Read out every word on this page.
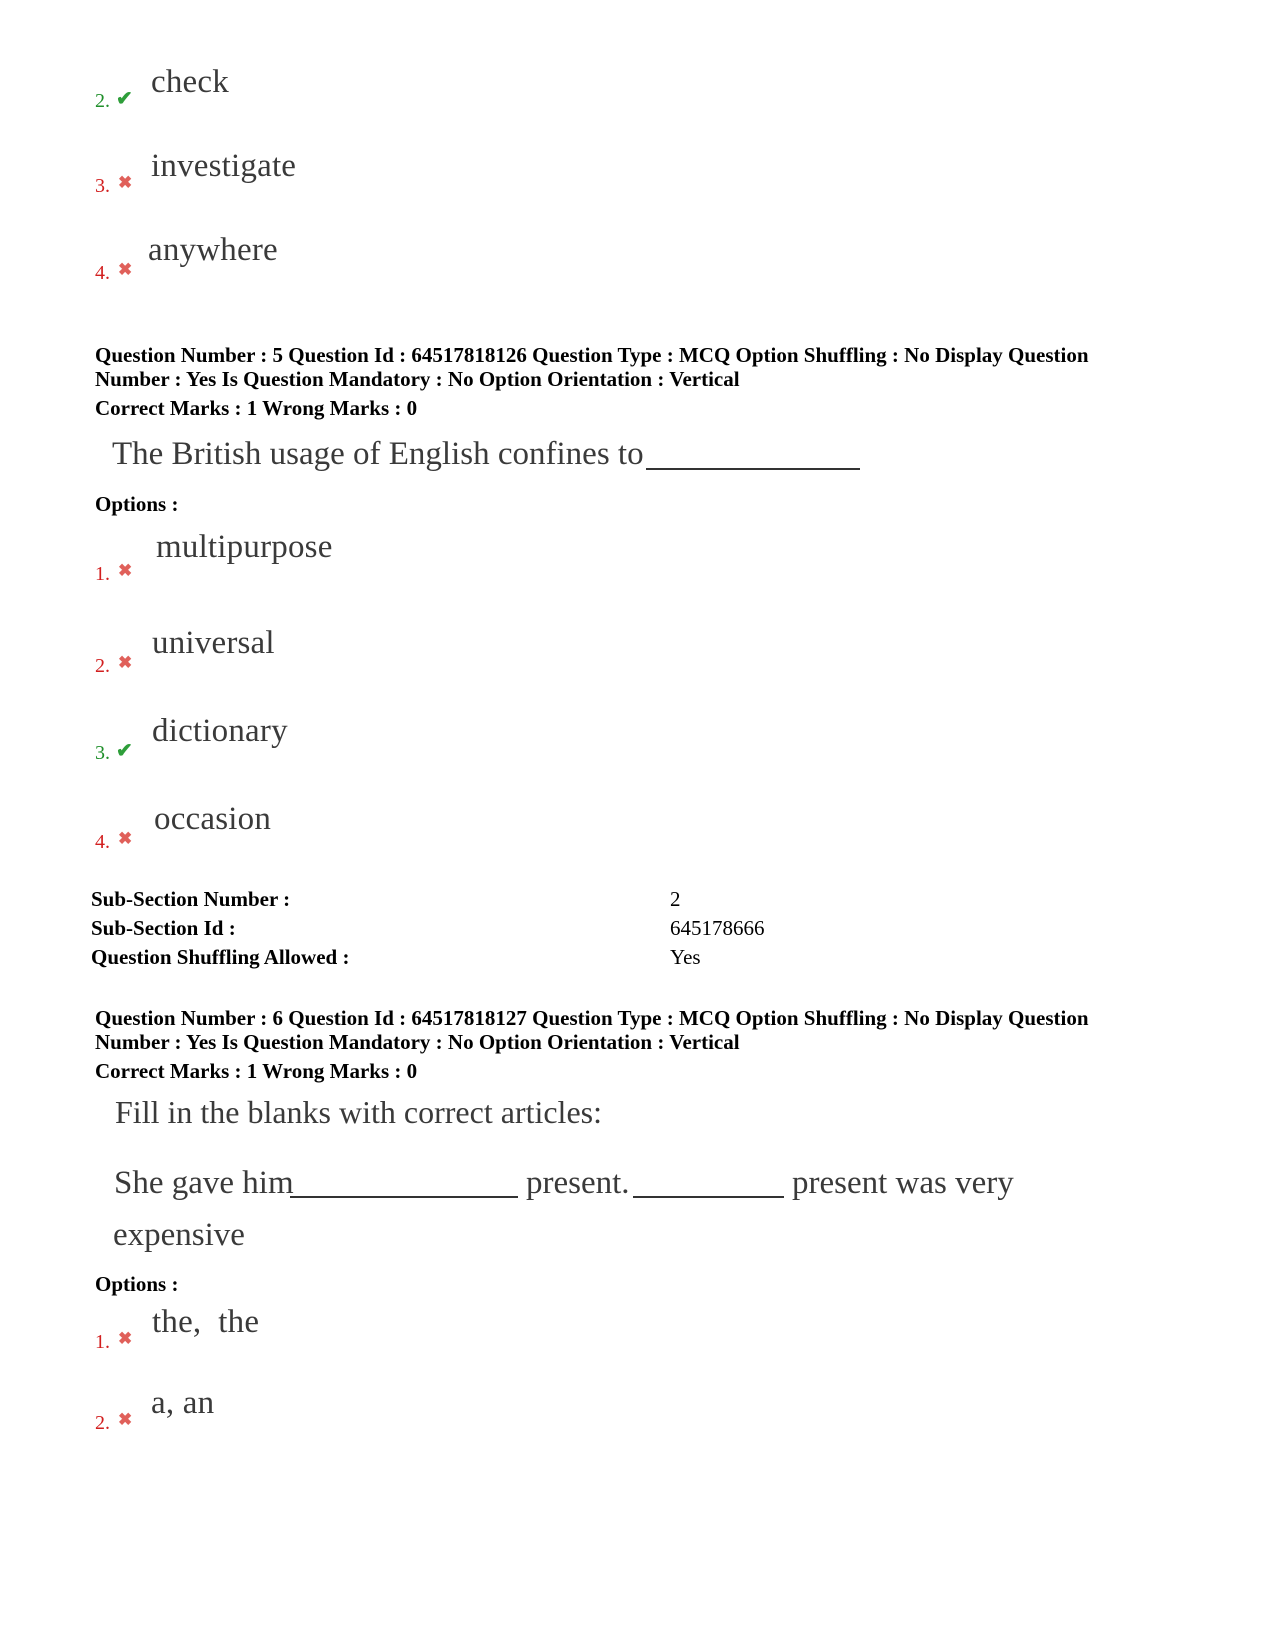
2. ✔ check
3. ✖ investigate
4. ✖
anywhere
Question Number : 5 Question Id : 64517818126 Question Type : MCQ Option Shuffling : No Display Question
Number : Yes Is Question Mandatory : No Option Orientation : Vertical
Correct Marks : 1 Wrong Marks : 0
The British usage of English confines to
Options :
1. ✖
multipurpose
2. ✖
universal
3. ✔
dictionary
4. ✖
occasion
Sub-Section Number :	2
Sub-Section Id :	645178666
Question Shuffling Allowed :	Yes
Question Number : 6 Question Id : 64517818127 Question Type : MCQ Option Shuffling : No Display Question
Number : Yes Is Question Mandatory : No Option Orientation : Vertical
Correct Marks : 1 Wrong Marks : 0
Fill in the blanks with correct articles:
She gave him	present.	present was very
expensive
Options :
1. ✖ the,  the
2. ✖ a, an
